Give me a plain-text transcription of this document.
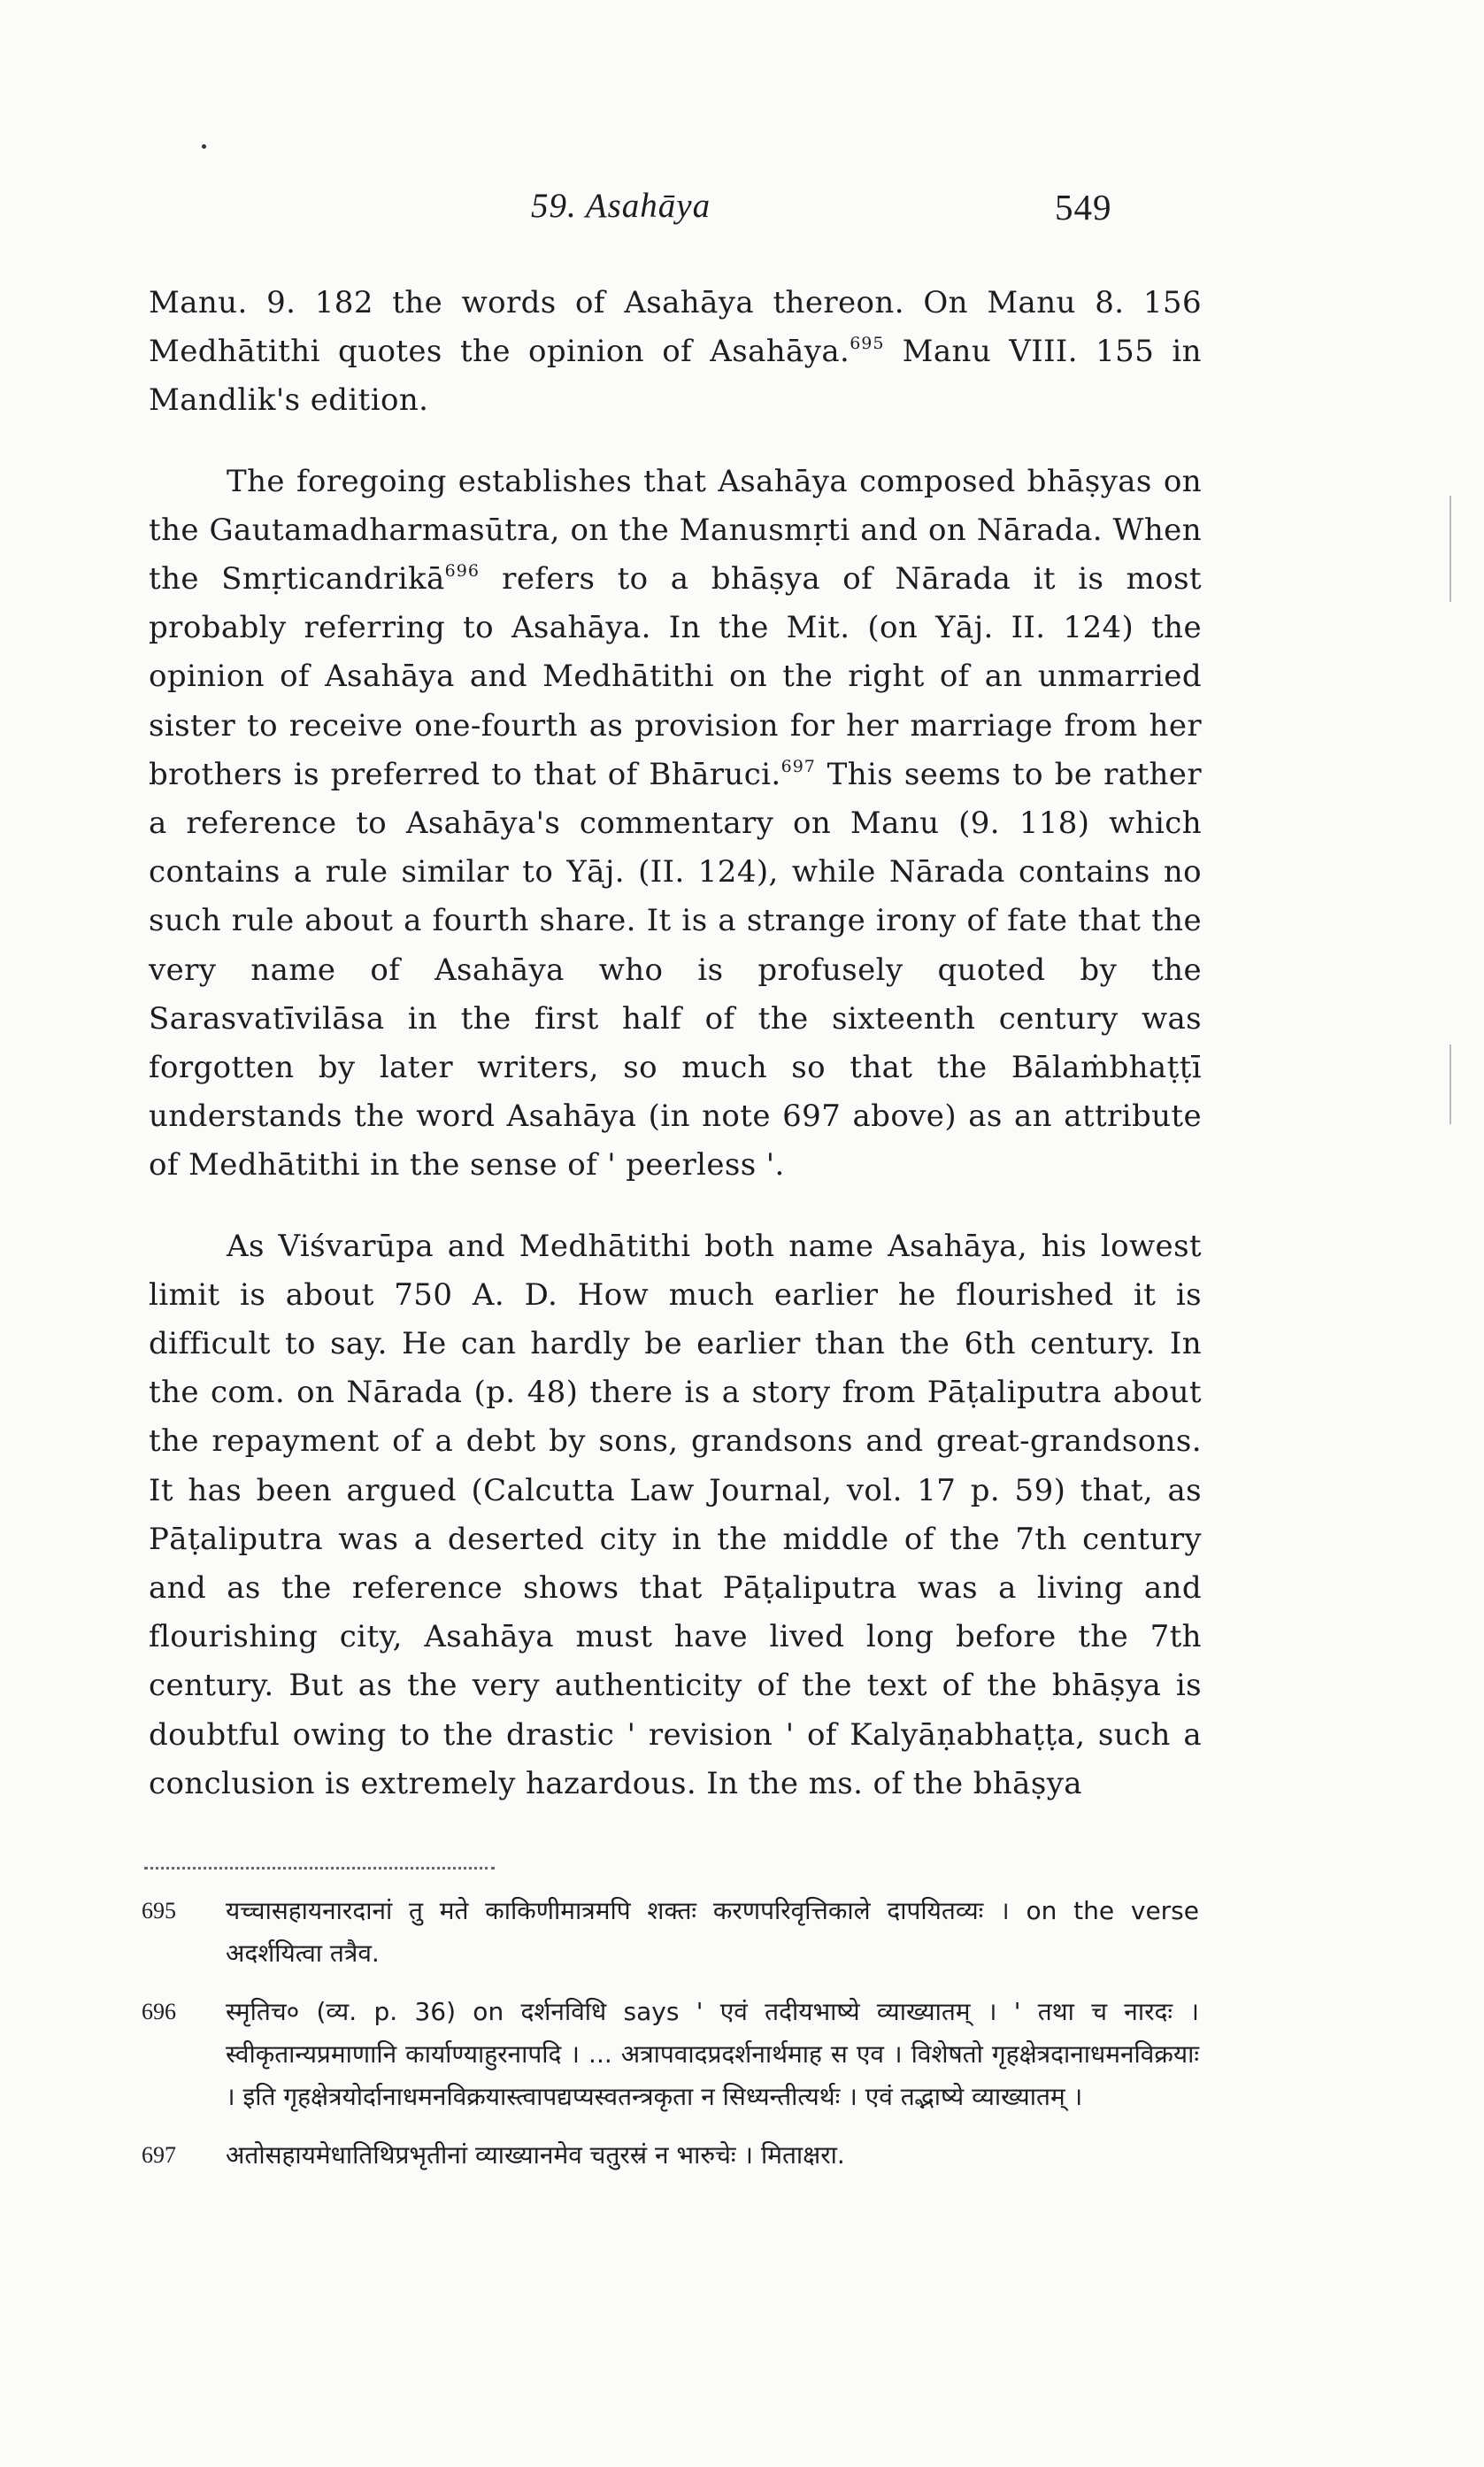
59. Asahāya	549

Manu. 9. 182 the words of Asahāya thereon. On Manu 8. 156 Medhātithi quotes the opinion of Asahāya.$^{695}$ Manu VIII. 155 in Mandlik's edition.

The foregoing establishes that Asahāya composed bhāṣyas on the Gautamadharmasūtra, on the Manusmṛti and on Nārada. When the Smṛticandrikā$^{696}$ refers to a bhāṣya of Nārada it is most probably referring to Asahāya. In the Mit. (on Yāj. II. 124) the opinion of Asahāya and Medhātithi on the right of an unmarried sister to receive one-fourth as provision for her marriage from her brothers is preferred to that of Bhāruci.$^{697}$ This seems to be rather a reference to Asahāya's commentary on Manu (9. 118) which contains a rule similar to Yāj. (II. 124), while Nārada contains no such rule about a fourth share. It is a strange irony of fate that the very name of Asahāya who is profusely quoted by the Sarasvatīvilāsa in the first half of the sixteenth century was forgotten by later writers, so much so that the Bālaṁbhaṭṭī understands the word Asahāya (in note 697 above) as an attribute of Medhātithi in the sense of ' peerless '.

As Viśvarūpa and Medhātithi both name Asahāya, his lowest limit is about 750 A. D. How much earlier he flourished it is difficult to say. He can hardly be earlier than the 6th century. In the com. on Nārada (p. 48) there is a story from Pāṭaliputra about the repayment of a debt by sons, grandsons and great-grandsons. It has been argued (Calcutta Law Journal, vol. 17 p. 59) that, as Pāṭaliputra was a deserted city in the middle of the 7th century and as the reference shows that Pāṭaliputra was a living and flourishing city, Asahāya must have lived long before the 7th century. But as the very authenticity of the text of the bhāṣya is doubtful owing to the drastic ' revision ' of Kalyāṇabhaṭṭa, such a conclusion is extremely hazardous. In the ms. of the bhāṣya

695	यच्चासहायनारदानां तु मते काकिणीमात्रमपि शक्तः करणपरिवृत्तिकाले दापयितव्यः । on the verse अदर्शयित्वा तत्रैव.
696	स्मृतिच० (व्य. p. 36) on दर्शनविधि says ' एवं तदीयभाष्ये व्याख्यातम् । ' तथा च नारदः । स्वीकृतान्यप्रमाणानि कार्याण्याहुरनापदि । ... अत्रापवादप्रदर्शनार्थमाह स एव । विशेषतो गृहक्षेत्रदानाधमनविक्रयाः । इति गृहक्षेत्रयोर्दानाधमनविक्रयास्त्वापद्यप्यस्वतन्त्रकृता न सिध्यन्तीत्यर्थः । एवं तद्भाष्ये व्याख्यातम् ।
697	अतोसहायमेधातिथिप्रभृतीनां व्याख्यानमेव चतुरस्रं न भारुचेः । मिताक्षरा.
